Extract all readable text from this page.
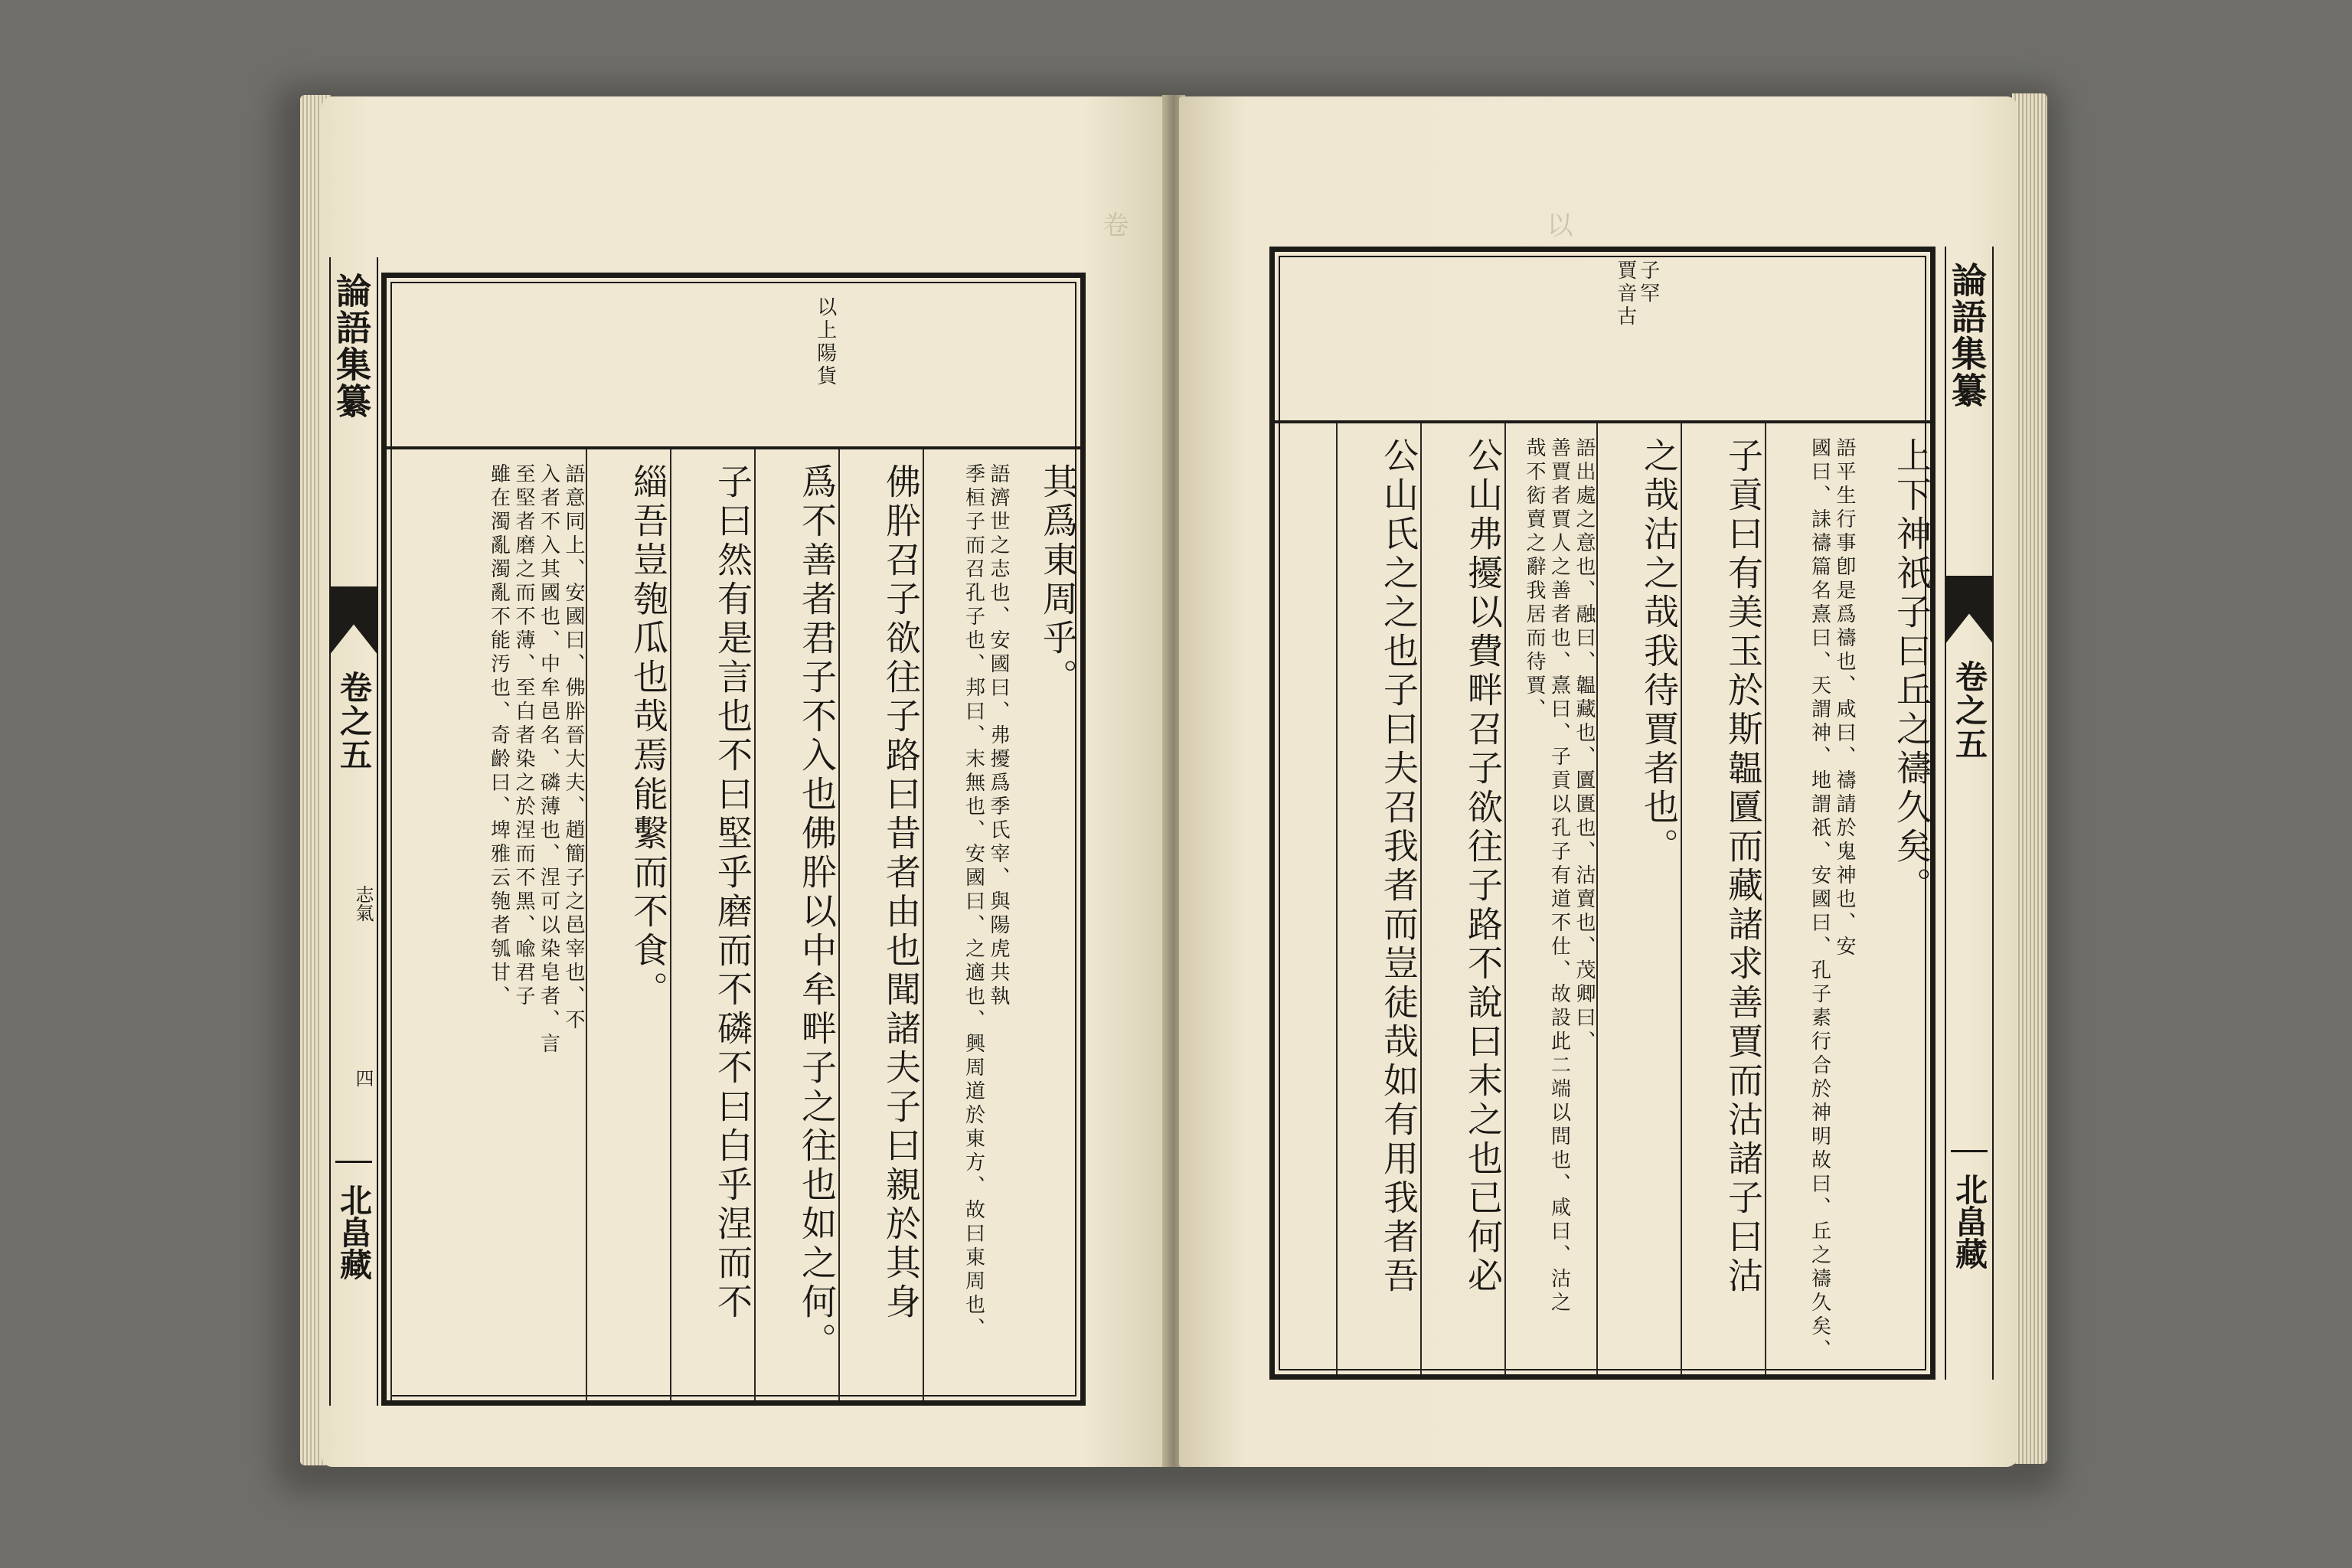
卷
論語集纂
卷之五
志氣
四
北畠藏
以上陽貨
其爲東周乎。
語濟世之志也、安國曰、弗擾爲季氏宰、與陽虎共執季桓子而召孔子也、邦曰、末無也、安國曰、之適也、興周道於東方、故曰東周也、
佛肸召子欲往子路曰昔者由也聞諸夫子曰親於其身
爲不善者君子不入也佛肸以中牟畔子之往也如之何。
子曰然有是言也不曰堅乎磨而不磷不曰白乎涅而不
緇吾豈匏瓜也哉焉能繫而不食。
語意同上、安國曰、佛肸晉大夫、趙簡子之邑宰也、不入者不入其國也、中牟邑名、磷薄也、涅可以染皂者、言至堅者磨之而不薄、至白者染之於涅而不黑、喩君子雖在濁亂濁亂不能汚也、奇齡曰、埤雅云匏者瓠甘、
以
子罕
賈音古
上下神祇子曰丘之禱久矣。
語平生行事卽是爲禱也、咸曰、禱請於鬼神也、安國曰、誄禱篇名熹曰、天謂神、地謂祇、安國曰、孔子素行合於神明故曰、丘之禱久矣、
子貢曰有美玉於斯韞匵而藏諸求善賈而沽諸子曰沽
之哉沽之哉我待賈者也。
語出處之意也、融曰、韞藏也、匵匱也、沽賣也、茂卿曰、善賈者賈人之善者也、熹曰、子貢以孔子有道不仕、故設此二端以問也、咸曰、沽之哉不衒賣之辭我居而待賈、
公山弗擾以費畔召子欲往子路不說曰末之也已何必
公山氏之之也子曰夫召我者而豈徒哉如有用我者吾
論語集纂
卷之五
北畠藏
